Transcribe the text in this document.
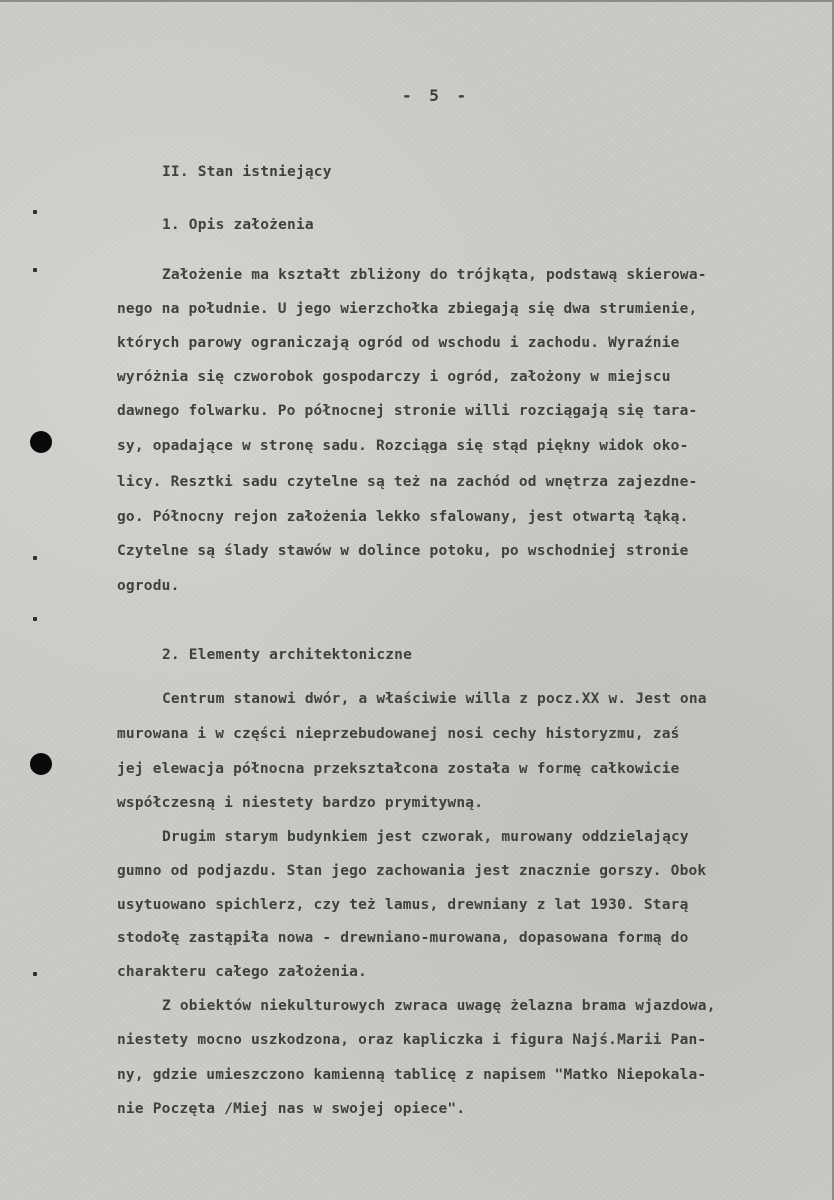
- 5 -
II. Stan istniejący
1. Opis założenia
Założenie ma kształt zbliżony do trójkąta, podstawą skierowa-
nego na południe. U jego wierzchołka zbiegają się dwa strumienie,
których parowy ograniczają ogród od wschodu i zachodu. Wyraźnie
wyróżnia się czworobok gospodarczy i ogród, założony w miejscu
dawnego folwarku. Po północnej stronie willi rozciągają się tara-
sy, opadające w stronę sadu. Rozciąga się stąd piękny widok oko-
licy. Resztki sadu czytelne są też na zachód od wnętrza zajezdne-
go. Północny rejon założenia lekko sfalowany, jest otwartą łąką.
Czytelne są ślady stawów w dolince potoku, po wschodniej stronie
ogrodu.
2. Elementy architektoniczne
Centrum stanowi dwór, a właściwie willa z pocz.XX w. Jest ona
murowana i w części nieprzebudowanej nosi cechy historyzmu, zaś
jej elewacja północna przekształcona została w formę całkowicie
współczesną i niestety bardzo prymitywną.
Drugim starym budynkiem jest czworak, murowany oddzielający
gumno od podjazdu. Stan jego zachowania jest znacznie gorszy. Obok
usytuowano spichlerz, czy też lamus, drewniany z lat 1930. Starą
stodołę zastąpiła nowa - drewniano-murowana, dopasowana formą do
charakteru całego założenia.
Z obiektów niekulturowych zwraca uwagę żelazna brama wjazdowa,
niestety mocno uszkodzona, oraz kapliczka i figura Najś.Marii Pan-
ny, gdzie umieszczono kamienną tablicę z napisem "Matko Niepokala-
nie Poczęta /Miej nas w swojej opiece".
